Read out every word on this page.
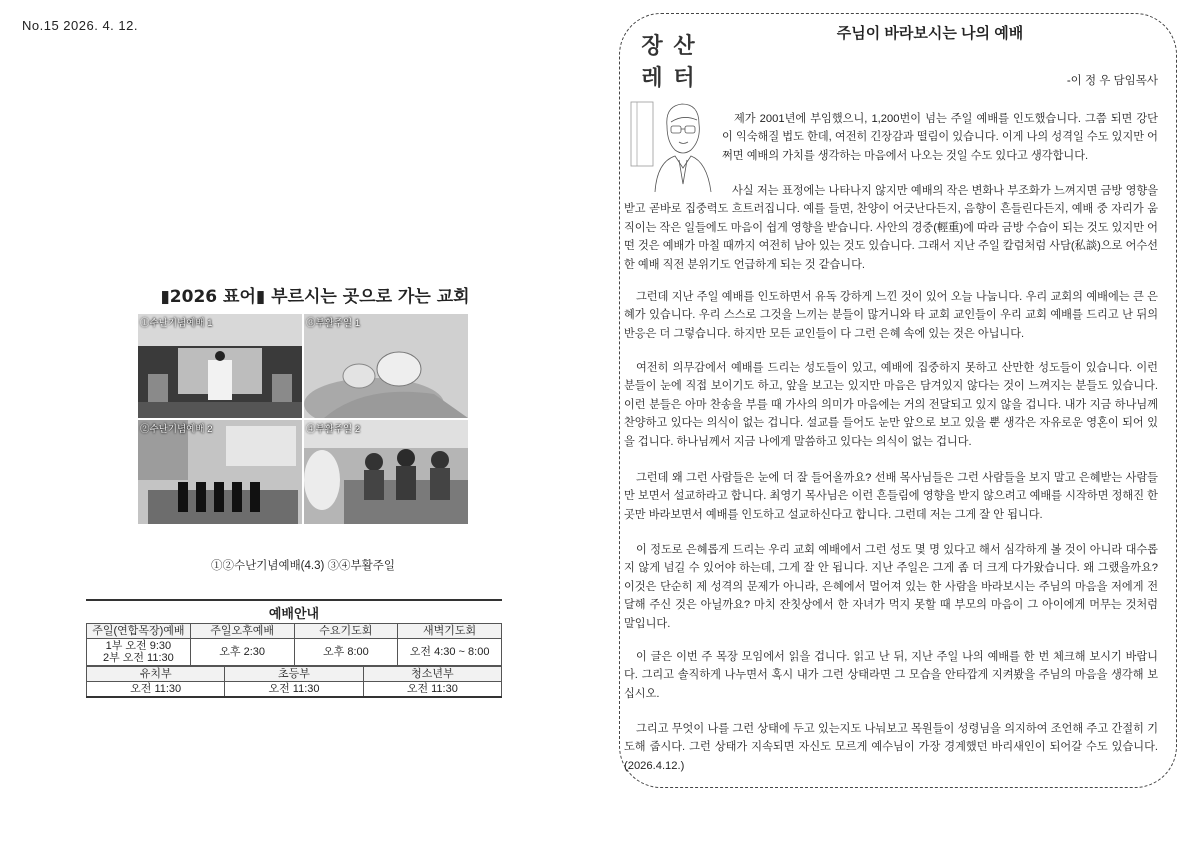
No.15 2026. 4. 12.
▮2026 표어▮ 부르시는 곳으로 가는 교회
①수난기념예배 1	③부활주일 1
②수난기념예배 2	④부활주일 2
①②수난기념예배(4.3) ③④부활주일
예배안내
주일(연합목장)예배	주일오후예배	수요기도회	새벽기도회

1부 오전 9:30
2부 오전 11:30	오후 2:30	오후 8:00	오전 4:30 ~ 8:00
유치부	초등부	청소년부
오전 11:30	오전 11:30	오전 11:30
장 산
레 터
주님이 바라보시는 나의 예배
-이 정 우 담임목사
제가 2001년에 부임했으니, 1,200번이 넘는 주일 예배를 인도했습니다. 그쯤 되면 강단이 익숙해질 법도 한데, 여전히 긴장감과 떨림이 있습니다. 이게 나의 성격일 수도 있지만 어쩌면 예배의 가치를 생각하는 마음에서 나오는 것일 수도 있다고 생각합니다.
사실 저는 표정에는 나타나지 않지만 예배의 작은 변화나 부조화가 느껴지면 금방 영향을 받고 곧바로 집중력도 흐트러집니다. 예를 들면, 찬양이 어긋난다든지, 음향이 흔들린다든지, 예배 중 자리가 움직이는 작은 일들에도 마음이 쉽게 영향을 받습니다. 사안의 경중(輕重)에 따라 금방 수습이 되는 것도 있지만 어떤 것은 예배가 마칠 때까지 여전히 남아 있는 것도 있습니다. 그래서 지난 주일 칼럼처럼 사담(私談)으로 어수선한 예배 직전 분위기도 언급하게 되는 것 같습니다.
그런데 지난 주일 예배를 인도하면서 유독 강하게 느낀 것이 있어 오늘 나눕니다. 우리 교회의 예배에는 큰 은혜가 있습니다. 우리 스스로 그것을 느끼는 분들이 많거니와 타 교회 교인들이 우리 교회 예배를 드리고 난 뒤의 반응은 더 그렇습니다. 하지만 모든 교인들이 다 그런 은혜 속에 있는 것은 아닙니다.
여전히 의무감에서 예배를 드리는 성도들이 있고, 예배에 집중하지 못하고 산만한 성도들이 있습니다. 이런 분들이 눈에 직접 보이기도 하고, 앞을 보고는 있지만 마음은 담겨있지 않다는 것이 느껴지는 분들도 있습니다. 이런 분들은 아마 찬송을 부를 때 가사의 의미가 마음에는 거의 전달되고 있지 않을 겁니다. 내가 지금 하나님께 찬양하고 있다는 의식이 없는 겁니다. 설교를 들어도 눈만 앞으로 보고 있을 뿐 생각은 자유로운 영혼이 되어 있을 겁니다. 하나님께서 지금 나에게 말씀하고 있다는 의식이 없는 겁니다.
그런데 왜 그런 사람들은 눈에 더 잘 들어올까요? 선배 목사님들은 그런 사람들을 보지 말고 은혜받는 사람들만 보면서 설교하라고 합니다. 최영기 목사님은 이런 흔들림에 영향을 받지 않으려고 예배를 시작하면 정해진 한 곳만 바라보면서 예배를 인도하고 설교하신다고 합니다. 그런데 저는 그게 잘 안 됩니다.
이 정도로 은혜롭게 드리는 우리 교회 예배에서 그런 성도 몇 명 있다고 해서 심각하게 볼 것이 아니라 대수롭지 않게 넘길 수 있어야 하는데, 그게 잘 안 됩니다. 지난 주일은 그게 좀 더 크게 다가왔습니다. 왜 그랬을까요? 이것은 단순히 제 성격의 문제가 아니라, 은혜에서 멀어져 있는 한 사람을 바라보시는 주님의 마음을 저에게 전달해 주신 것은 아닐까요? 마치 잔칫상에서 한 자녀가 먹지 못할 때 부모의 마음이 그 아이에게 머무는 것처럼 말입니다.
이 글은 이번 주 목장 모임에서 읽을 겁니다. 읽고 난 뒤, 지난 주일 나의 예배를 한 번 체크해 보시기 바랍니다. 그리고 솔직하게 나누면서 혹시 내가 그런 상태라면 그 모습을 안타깝게 지켜봤을 주님의 마음을 생각해 보십시오.
그리고 무엇이 나를 그런 상태에 두고 있는지도 나눠보고 목원들이 성령님을 의지하여 조언해 주고 간절히 기도해 줍시다. 그런 상태가 지속되면 자신도 모르게 예수님이 가장 경계했던 바리새인이 되어갈 수도 있습니다.(2026.4.12.)
